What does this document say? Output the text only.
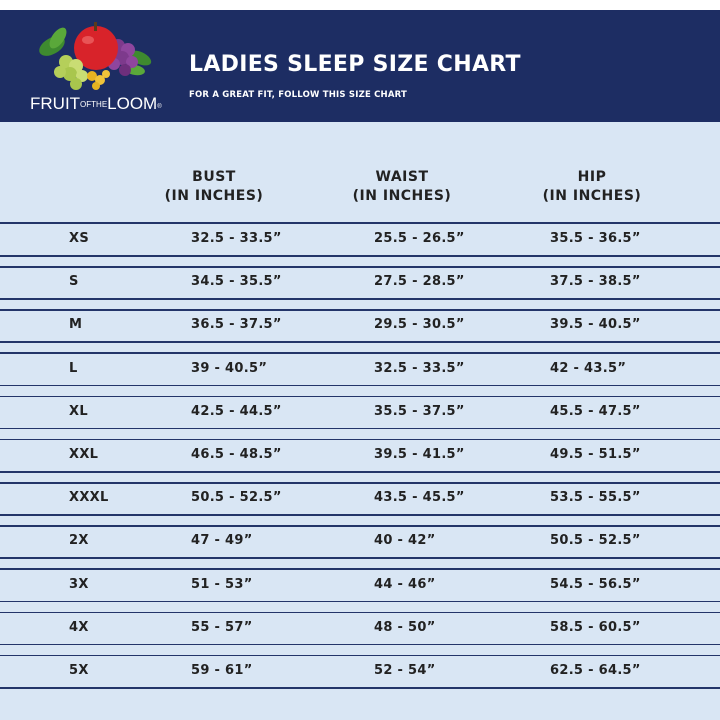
FRUITOFTHELOOM®
LADIES SLEEP SIZE CHART
FOR A GREAT FIT, FOLLOW THIS SIZE CHART
BUST
(IN INCHES)
WAIST
(IN INCHES)
HIP
(IN INCHES)
XS	32.5 - 33.5”	25.5 - 26.5”	35.5 - 36.5”
S	34.5 - 35.5”	27.5 - 28.5”	37.5 - 38.5”
M	36.5 - 37.5”	29.5 - 30.5”	39.5 - 40.5”
L	39 - 40.5”	32.5 - 33.5”	42 - 43.5”
XL	42.5 - 44.5”	35.5 - 37.5”	45.5 - 47.5”
XXL	46.5 - 48.5”	39.5 - 41.5”	49.5 - 51.5”
XXXL	50.5 - 52.5”	43.5 - 45.5”	53.5 - 55.5”
2X	47 - 49”	40 - 42”	50.5 - 52.5”
3X	51 - 53”	44 - 46”	54.5 - 56.5”
4X	55 - 57”	48 - 50”	58.5 - 60.5”
5X	59 - 61”	52 - 54”	62.5 - 64.5”
